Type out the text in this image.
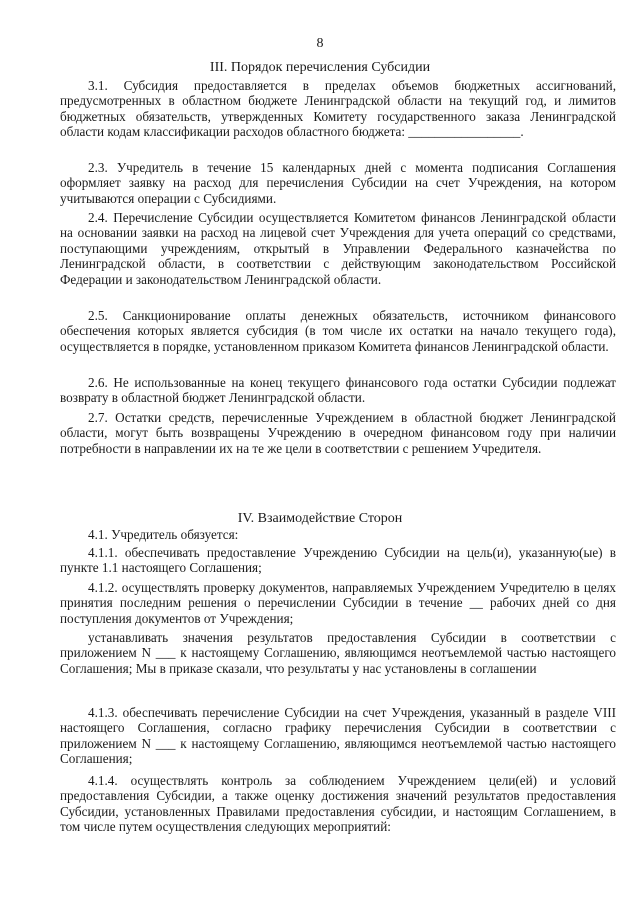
8
III. Порядок перечисления Субсидии

3.1. Субсидия предоставляется в пределах объемов бюджетных ассигнований, предусмотренных в областном бюджете Ленинградской области на текущий год, и лимитов бюджетных обязательств, утвержденных Комитету государственного заказа Ленинградской области кодам классификации расходов областного бюджета: _________________.

2.3. Учредитель в течение 15 календарных дней с момента подписания Соглашения оформляет заявку на расход для перечисления Субсидии на счет Учреждения, на котором учитываются операции с Субсидиями.

2.4. Перечисление Субсидии осуществляется Комитетом финансов Ленинградской области на основании заявки на расход на лицевой счет Учреждения для учета операций со средствами, поступающими учреждениям, открытый в Управлении Федерального казначейства по Ленинградской области, в соответствии с действующим законодательством Российской Федерации и законодательством Ленинградской области.

2.5. Санкционирование оплаты денежных обязательств, источником финансового обеспечения которых является субсидия (в том числе их остатки на начало текущего года), осуществляется в порядке, установленном приказом Комитета финансов Ленинградской области.

2.6. Не использованные на конец текущего финансового года остатки Субсидии подлежат возврату в областной бюджет Ленинградской области.

2.7. Остатки средств, перечисленные Учреждением в областной бюджет Ленинградской области, могут быть возвращены Учреждению в очередном финансовом году при наличии потребности в направлении их на те же цели в соответствии с решением Учредителя.

IV. Взаимодействие Сторон

4.1. Учредитель обязуется:

4.1.1. обеспечивать предоставление Учреждению Субсидии на цель(и), указанную(ые) в пункте 1.1 настоящего Соглашения;

4.1.2. осуществлять проверку документов, направляемых Учреждением Учредителю в целях принятия последним решения о перечислении Субсидии в течение __ рабочих дней со дня поступления документов от Учреждения;

устанавливать значения результатов предоставления Субсидии в соответствии с приложением N ___ к настоящему Соглашению, являющимся неотъемлемой частью настоящего Соглашения; Мы в приказе сказали, что результаты у нас установлены в соглашении

4.1.3. обеспечивать перечисление Субсидии на счет Учреждения, указанный в разделе VIII настоящего Соглашения, согласно графику перечисления Субсидии в соответствии с приложением N ___ к настоящему Соглашению, являющимся неотъемлемой частью настоящего Соглашения;

4.1.4. осуществлять контроль за соблюдением Учреждением цели(ей) и условий предоставления Субсидии, а также оценку достижения значений результатов предоставления Субсидии, установленных Правилами предоставления субсидии, и настоящим Соглашением, в том числе путем осуществления следующих мероприятий:
